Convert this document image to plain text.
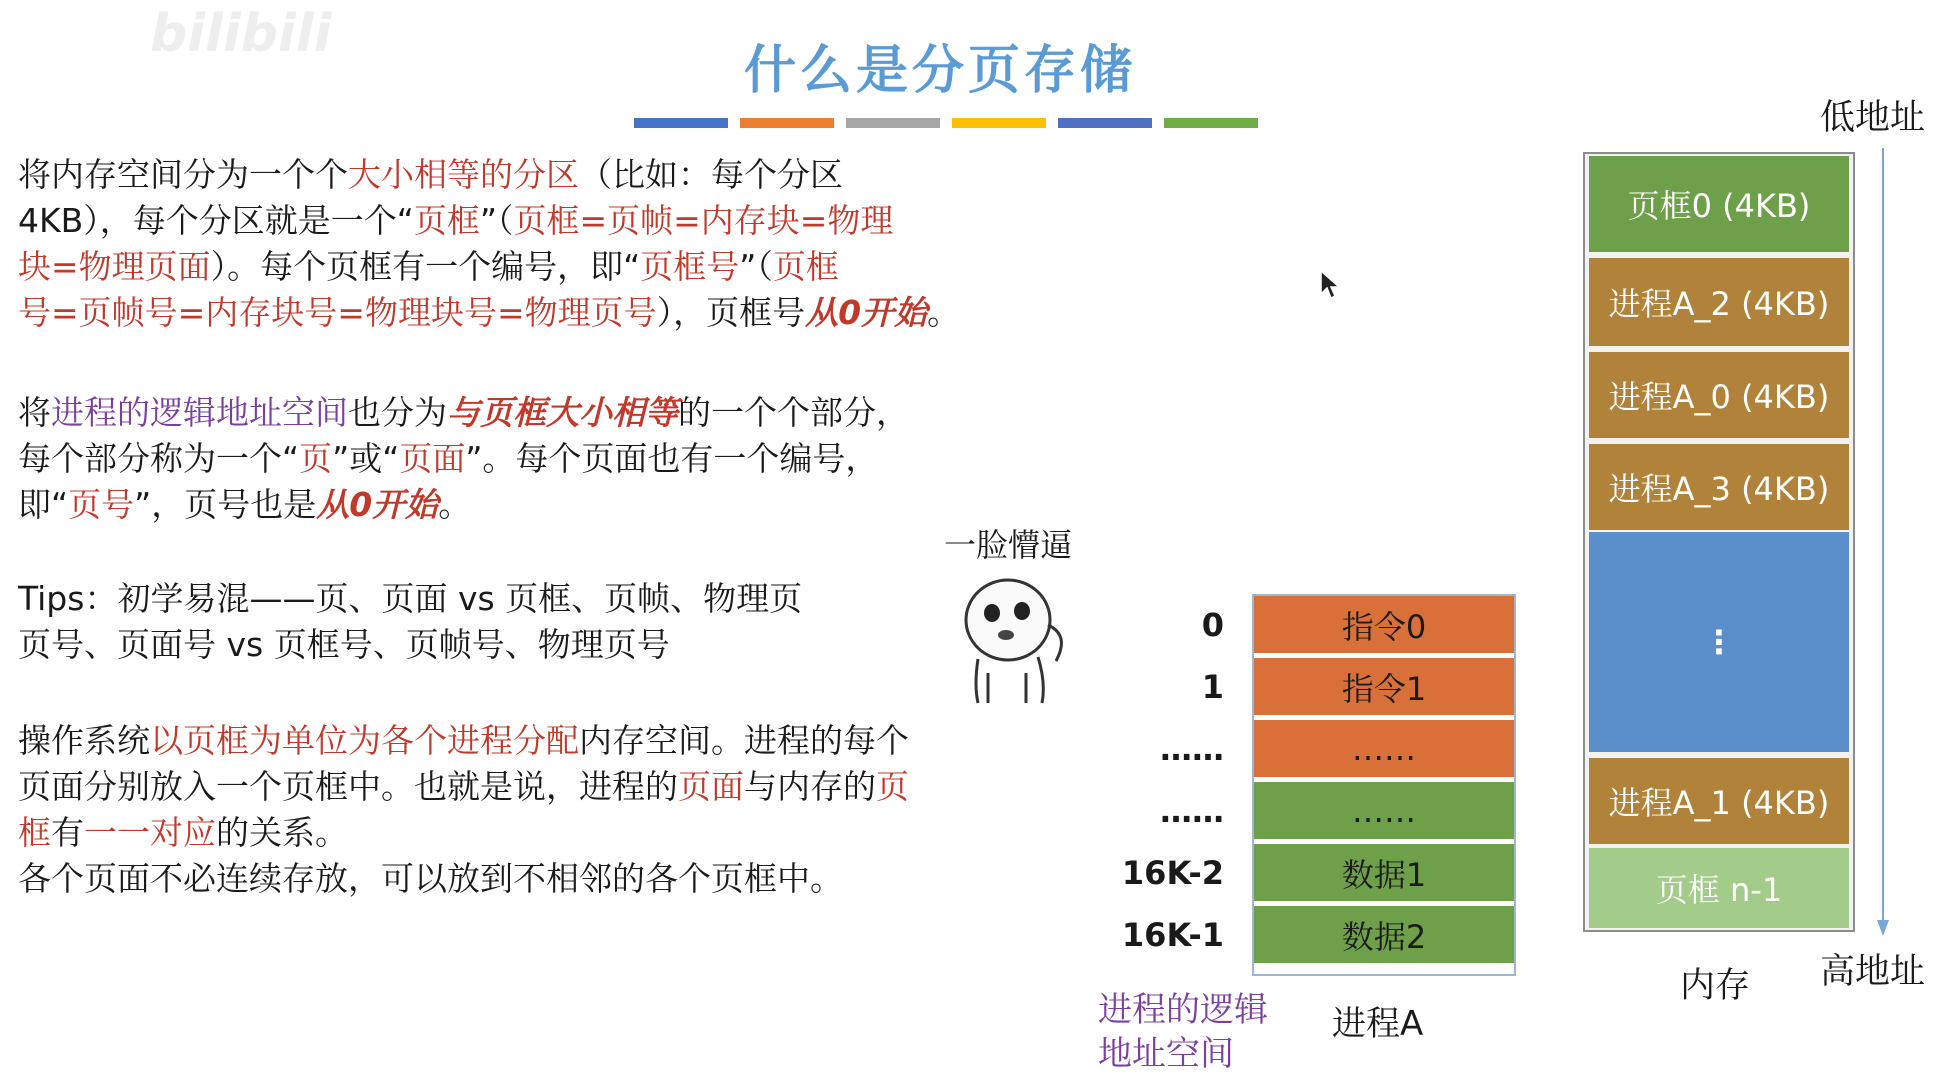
bilibili
什么是分页存储
将内存空间分为一个个大小相等的分区（比如：每个分区
4KB），每个分区就是一个“页框”（页框=页帧=内存块=物理
块=物理页面）。每个页框有一个编号，即“页框号”（页框
号=页帧号=内存块号=物理块号=物理页号），页框号从0开始。
将进程的逻辑地址空间也分为与页框大小相等的一个个部分，
每个部分称为一个“页”或“页面”。每个页面也有一个编号，
即“页号”，页号也是从0开始。
Tips：初学易混——页、页面 vs 页框、页帧、物理页
页号、页面号 vs 页框号、页帧号、物理页号
一脸懵逼
操作系统以页框为单位为各个进程分配内存空间。进程的每个
页面分别放入一个页框中。也就是说，进程的页面与内存的页
框有一一对应的关系。
各个页面不必连续存放，可以放到不相邻的各个页框中。
0	指令0
1	指令1
……	……
……	……
16K-2	数据1
16K-1	数据2
进程的逻辑
地址空间
进程A
低地址
页框0 (4KB)
进程A_2 (4KB)
进程A_0 (4KB)
进程A_3 (4KB)
⋮
进程A_1 (4KB)
页框 n-1
内存 高地址
